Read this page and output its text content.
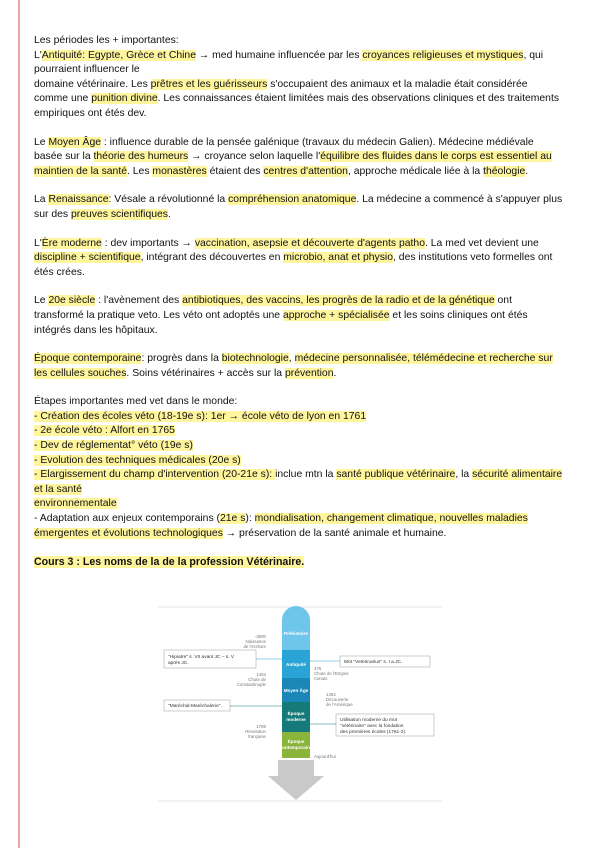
Les périodes les + importantes:
L'Antiquité: Egypte, Grèce et Chine → med humaine influencée par les croyances religieuses et mystiques, qui pourraient influencer le
domaine vétérinaire. Les prêtres et les guérisseurs s'occupaient des animaux et la maladie était considérée comme une punition divine. Les connaissances étaient limitées mais des observations cliniques et des traitements empiriques ont étés dev.

Le Moyen Âge : influence durable de la pensée galénique (travaux du médecin Galien). Médecine médiévale basée sur la théorie des humeurs → croyance selon laquelle l'équilibre des fluides dans le corps est essentiel au maintien de la santé. Les monastères étaient des centres d'attention, approche médicale liée à la théologie.

La Renaissance: Vésale a révolutionné la compréhension anatomique. La médecine a commencé à s'appuyer plus sur des preuves scientifiques.

L'Ère moderne : dev importants → vaccination, asepsie et découverte d'agents patho. La med vet devient une discipline + scientifique, intégrant des découvertes en microbio, anat et physio, des institutions veto formelles ont étés crées.

Le 20e siècle : l'avènement des antibiotiques, des vaccins, les progrès de la radio et de la génétique ont transformé la pratique veto. Les véto ont adoptés une approche + spécialisée et les soins cliniques ont étés intégrés dans les hôpitaux.

Époque contemporaine: progrès dans la biotechnologie, médecine personnalisée, télémédecine et recherche sur les cellules souches. Soins vétérinaires + accès sur la prévention.

Étapes importantes med vet dans le monde:
- Création des écoles véto (18-19e s): 1er → école véto de lyon en 1761
- 2e école véto : Alfort en 1765
- Dev de réglementat° véto (19e s)
- Evolution des techniques médicales (20e s)
- Elargissement du champ d'intervention (20-21e s): inclue mtn la santé publique vétérinaire, la sécurité alimentaire et la santé
environnementale
- Adaptation aux enjeux contemporains (21e s): mondialisation, changement climatique, nouvelles maladies émergentes et évolutions technologiques → préservation de la santé animale et humaine.

Cours 3 : Les noms de la de la profession Vétérinaire.
Préhistoire
Antiquité
Moyen Âge
Époque
moderne
Époque
contemporaine
-3500
Naissance
de l'écriture
1453
Chute de
Constantinople
1789
Révolution
française
476
Chute de l'Empire
romain
1492
Découverte
de l'Amérique
Aujourd'hui
"Hipiatre" s. VII avant JC – s. V
après JC.
"Maréchal-Maréchalerie".
Mot "Veterinarius" s. I a.JC.
Utilisation moderne du mot
"vétérinaire" avec la fondation
des premières écoles (1761-2)
